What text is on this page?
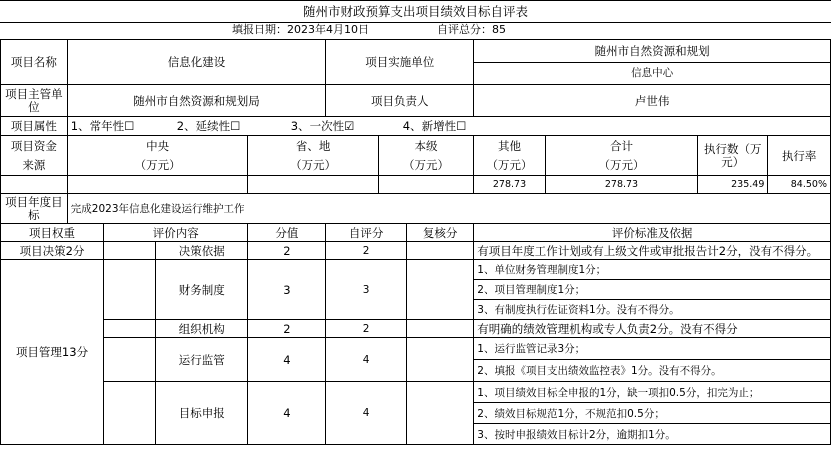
随州市财政预算支出项目绩效目标自评表
填报日期：2023年4月10日	自评总分：85
项目名称	信息化建设				项目实施单位			随州市自然资源和规划
信息中心			

项目主管单位	随州市自然资源和规划局				项目负责人			卢世伟			
项目属性	1、常年性☐ 2、延续性☐ 3、一次性☑ 4、新增性☐										
项目资金	中央			省、地		本级		其他	合计	执行数（万元）	执行率
来源	（万元）			（万元）		（万元）		（万元）	（万元）		
								278.73	278.73	235.49	84.50%
项目年度目标	完成2023年信息化建设运行维护工作										
项目权重		评价内容		分值	自评分		复核分	评价标准及依据			
项目决策2分			决策依据	2	2			有项目年度工作计划或有上级文件或审批报告计2分，没有不得分。			
项目管理13分			财务制度	3	3			1、单位财务管理制度1分；			
								2、项目管理制度1分；			
								3、有制度执行佐证资料1分。没有不得分。			
			组织机构	2	2			有明确的绩效管理机构或专人负责2分。没有不得分			
			运行监管	4	4			1、运行监管记录3分；			
								2、填报《项目支出绩效监控表》1分。没有不得分。			
			目标申报	4	4			1、项目绩效目标全申报的1分，缺一项扣0.5分，扣完为止；			
								2、绩效目标规范1分，不规范扣0.5分；			
								3、按时申报绩效目标计2分，逾期扣1分。			
